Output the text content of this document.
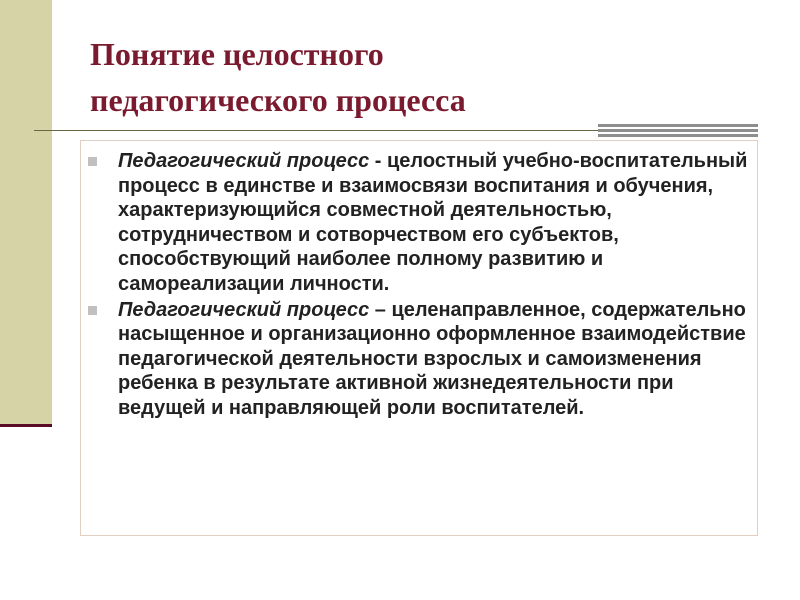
Понятие целостного
педагогического процесса
Педагогический процесс - целостный учебно-воспитательный процесс в единстве и взаимосвязи воспитания и обучения, характеризующийся совместной деятельностью, сотрудничеством и сотворчеством его субъектов, способствующий наиболее полному развитию и самореализации личности.
Педагогический процесс – целенаправленное, содержательно насыщенное и организационно оформленное взаимодействие педагогической деятельности взрослых и самоизменения ребенка в результате активной жизнедеятельности при ведущей и направляющей роли воспитателей.
